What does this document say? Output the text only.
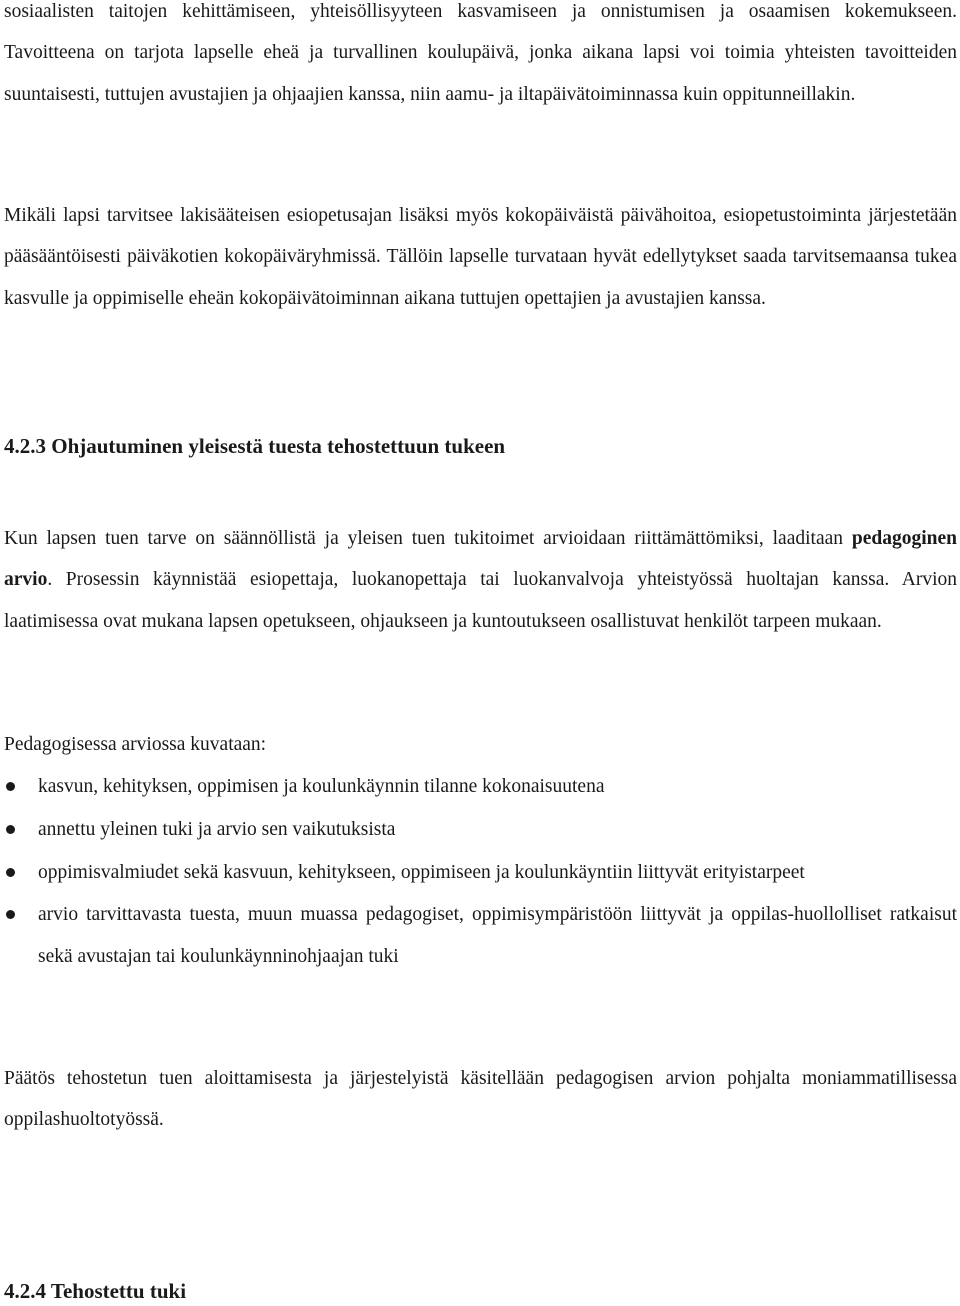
sosiaalisten taitojen kehittämiseen, yhteisöllisyyteen kasvamiseen ja onnistumisen ja osaamisen kokemukseen. Tavoitteena on tarjota lapselle eheä ja turvallinen koulupäivä, jonka aikana lapsi voi toimia yhteisten tavoitteiden suuntaisesti, tuttujen avustajien ja ohjaajien kanssa, niin aamu- ja iltapäivätoiminnassa kuin oppitunneillakin.

Mikäli lapsi tarvitsee lakisääteisen esiopetusajan lisäksi myös kokopäiväistä päivähoitoa, esiopetustoiminta järjestetään pääsääntöisesti päiväkotien kokopäiväryhmissä. Tällöin lapselle turvataan hyvät edellytykset saada tarvitsemaansa tukea kasvulle ja oppimiselle eheän kokopäivätoiminnan aikana tuttujen opettajien ja avustajien kanssa.

4.2.3 Ohjautuminen yleisestä tuesta tehostettuun tukeen

Kun lapsen tuen tarve on säännöllistä ja yleisen tuen tukitoimet arvioidaan riittämättömiksi, laaditaan pedagoginen arvio. Prosessin käynnistää esiopettaja, luokanopettaja tai luokanvalvoja yhteistyössä huoltajan kanssa. Arvion laatimisessa ovat mukana lapsen opetukseen, ohjaukseen ja kuntoutukseen osallistuvat henkilöt tarpeen mukaan.

Pedagogisessa arviossa kuvataan:

kasvun, kehityksen, oppimisen ja koulunkäynnin tilanne kokonaisuutena
annettu yleinen tuki ja arvio sen vaikutuksista
oppimisvalmiudet sekä kasvuun, kehitykseen, oppimiseen ja koulunkäyntiin liittyvät erityistarpeet
arvio tarvittavasta tuesta, muun muassa pedagogiset, oppimisympäristöön liittyvät ja oppilas-huollolliset ratkaisut sekä avustajan tai koulunkäynninohjaajan tuki

Päätös tehostetun tuen aloittamisesta ja järjestelyistä käsitellään pedagogisen arvion pohjalta moniammatillisessa oppilashuoltotyössä.

4.2.4 Tehostettu tuki
